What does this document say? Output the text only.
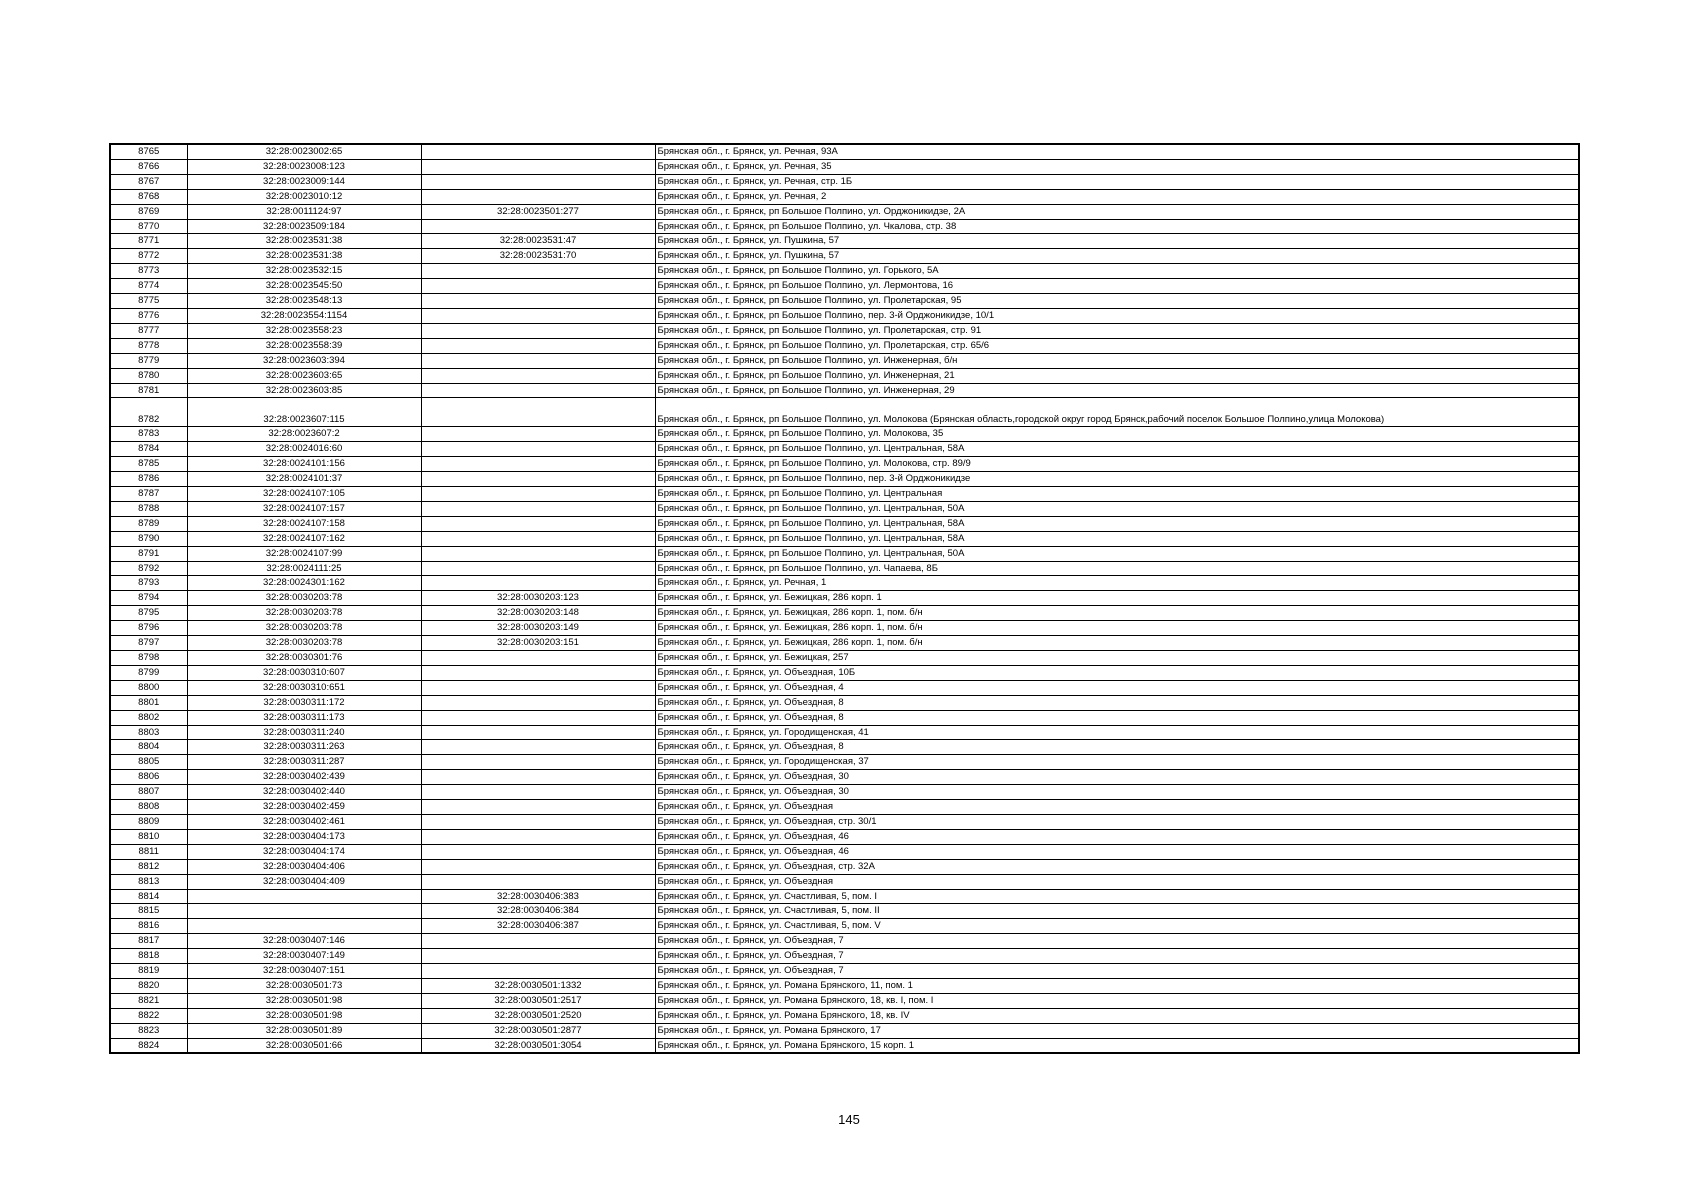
8765	32:28:0023002:65		Брянская обл., г. Брянск, ул. Речная, 93А
8766	32:28:0023008:123		Брянская обл., г. Брянск, ул. Речная, 35
8767	32:28:0023009:144		Брянская обл., г. Брянск, ул. Речная, стр. 1Б
8768	32:28:0023010:12		Брянская обл., г. Брянск, ул. Речная, 2
8769	32:28:0011124:97	32:28:0023501:277	Брянская обл., г. Брянск, рп Большое Полпино, ул. Орджоникидзе, 2А
8770	32:28:0023509:184		Брянская обл., г. Брянск, рп Большое Полпино, ул. Чкалова, стр. 38
8771	32:28:0023531:38	32:28:0023531:47	Брянская обл., г. Брянск, ул. Пушкина, 57
8772	32:28:0023531:38	32:28:0023531:70	Брянская обл., г. Брянск, ул. Пушкина, 57
8773	32:28:0023532:15		Брянская обл., г. Брянск, рп Большое Полпино, ул. Горького, 5А
8774	32:28:0023545:50		Брянская обл., г. Брянск, рп Большое Полпино, ул. Лермонтова, 16
8775	32:28:0023548:13		Брянская обл., г. Брянск, рп Большое Полпино, ул. Пролетарская, 95
8776	32:28:0023554:1154		Брянская обл., г. Брянск, рп Большое Полпино, пер. 3-й Орджоникидзе, 10/1
8777	32:28:0023558:23		Брянская обл., г. Брянск, рп Большое Полпино, ул. Пролетарская, стр. 91
8778	32:28:0023558:39		Брянская обл., г. Брянск, рп Большое Полпино, ул. Пролетарская, стр. 65/6
8779	32:28:0023603:394		Брянская обл., г. Брянск, рп Большое Полпино, ул. Инженерная, б/н
8780	32:28:0023603:65		Брянская обл., г. Брянск, рп Большое Полпино, ул. Инженерная, 21
8781	32:28:0023603:85		Брянская обл., г. Брянск, рп Большое Полпино, ул. Инженерная, 29
8782	32:28:0023607:115		Брянская обл., г. Брянск, рп Большое Полпино, ул. Молокова (Брянская область,городской округ город Брянск,рабочий поселок Большое Полпино,улица Молокова)
8783	32:28:0023607:2		Брянская обл., г. Брянск, рп Большое Полпино, ул. Молокова, 35
8784	32:28:0024016:60		Брянская обл., г. Брянск, рп Большое Полпино, ул. Центральная, 58А
8785	32:28:0024101:156		Брянская обл., г. Брянск, рп Большое Полпино, ул. Молокова, стр. 89/9
8786	32:28:0024101:37		Брянская обл., г. Брянск, рп Большое Полпино, пер. 3-й Орджоникидзе
8787	32:28:0024107:105		Брянская обл., г. Брянск, рп Большое Полпино, ул. Центральная
8788	32:28:0024107:157		Брянская обл., г. Брянск, рп Большое Полпино, ул. Центральная, 50А
8789	32:28:0024107:158		Брянская обл., г. Брянск, рп Большое Полпино, ул. Центральная, 58А
8790	32:28:0024107:162		Брянская обл., г. Брянск, рп Большое Полпино, ул. Центральная, 58А
8791	32:28:0024107:99		Брянская обл., г. Брянск, рп Большое Полпино, ул. Центральная, 50А
8792	32:28:0024111:25		Брянская обл., г. Брянск, рп Большое Полпино, ул. Чапаева, 8Б
8793	32:28:0024301:162		Брянская обл., г. Брянск, ул. Речная, 1
8794	32:28:0030203:78	32:28:0030203:123	Брянская обл., г. Брянск, ул. Бежицкая, 286 корп. 1
8795	32:28:0030203:78	32:28:0030203:148	Брянская обл., г. Брянск, ул. Бежицкая, 286 корп. 1, пом. б/н
8796	32:28:0030203:78	32:28:0030203:149	Брянская обл., г. Брянск, ул. Бежицкая, 286 корп. 1, пом. б/н
8797	32:28:0030203:78	32:28:0030203:151	Брянская обл., г. Брянск, ул. Бежицкая, 286 корп. 1, пом. б/н
8798	32:28:0030301:76		Брянская обл., г. Брянск, ул. Бежицкая, 257
8799	32:28:0030310:607		Брянская обл., г. Брянск, ул. Объездная, 10Б
8800	32:28:0030310:651		Брянская обл., г. Брянск, ул. Объездная, 4
8801	32:28:0030311:172		Брянская обл., г. Брянск, ул. Объездная, 8
8802	32:28:0030311:173		Брянская обл., г. Брянск, ул. Объездная, 8
8803	32:28:0030311:240		Брянская обл., г. Брянск, ул. Городищенская, 41
8804	32:28:0030311:263		Брянская обл., г. Брянск, ул. Объездная, 8
8805	32:28:0030311:287		Брянская обл., г. Брянск, ул. Городищенская, 37
8806	32:28:0030402:439		Брянская обл., г. Брянск, ул. Объездная, 30
8807	32:28:0030402:440		Брянская обл., г. Брянск, ул. Объездная, 30
8808	32:28:0030402:459		Брянская обл., г. Брянск, ул. Объездная
8809	32:28:0030402:461		Брянская обл., г. Брянск, ул. Объездная, стр. 30/1
8810	32:28:0030404:173		Брянская обл., г. Брянск, ул. Объездная, 46
8811	32:28:0030404:174		Брянская обл., г. Брянск, ул. Объездная, 46
8812	32:28:0030404:406		Брянская обл., г. Брянск, ул. Объездная, стр. 32А
8813	32:28:0030404:409		Брянская обл., г. Брянск, ул. Объездная
8814		32:28:0030406:383	Брянская обл., г. Брянск, ул. Счастливая, 5, пом. I
8815		32:28:0030406:384	Брянская обл., г. Брянск, ул. Счастливая, 5, пом. II
8816		32:28:0030406:387	Брянская обл., г. Брянск, ул. Счастливая, 5, пом. V
8817	32:28:0030407:146		Брянская обл., г. Брянск, ул. Объездная, 7
8818	32:28:0030407:149		Брянская обл., г. Брянск, ул. Объездная, 7
8819	32:28:0030407:151		Брянская обл., г. Брянск, ул. Объездная, 7
8820	32:28:0030501:73	32:28:0030501:1332	Брянская обл., г. Брянск, ул. Романа Брянского, 11, пом. 1
8821	32:28:0030501:98	32:28:0030501:2517	Брянская обл., г. Брянск, ул. Романа Брянского, 18, кв. I, пом. I
8822	32:28:0030501:98	32:28:0030501:2520	Брянская обл., г. Брянск, ул. Романа Брянского, 18, кв. IV
8823	32:28:0030501:89	32:28:0030501:2877	Брянская обл., г. Брянск, ул. Романа Брянского, 17
8824	32:28:0030501:66	32:28:0030501:3054	Брянская обл., г. Брянск, ул. Романа Брянского, 15 корп. 1
145
